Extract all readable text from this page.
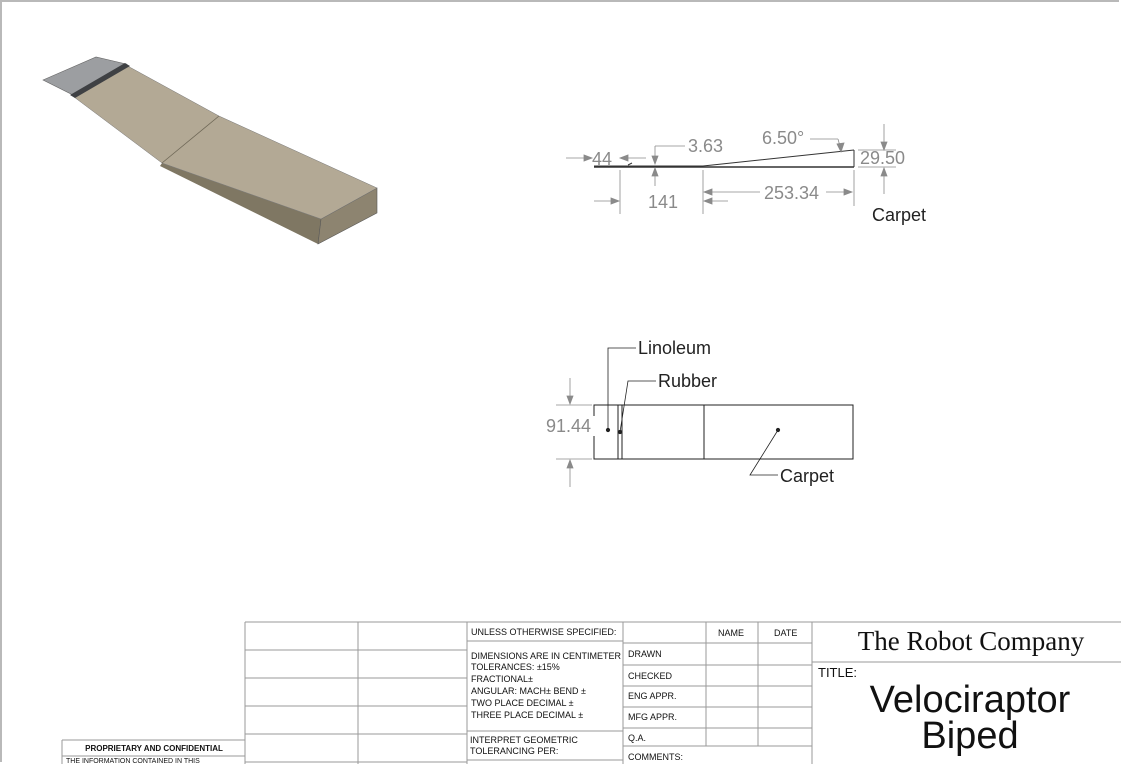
44
3.63 6.50°
29.50
141	253.34
Carpet
91.44
Linoleum
Rubber
Carpet
UNLESS OTHERWISE SPECIFIED:
DIMENSIONS ARE IN CENTIMETER
TOLERANCES: ±15%
FRACTIONAL±
ANGULAR: MACH± BEND ±
TWO PLACE DECIMAL ±
THREE PLACE DECIMAL ±
INTERPRET GEOMETRIC
TOLERANCING PER:
NAME	DATE
DRAWN
CHECKED
ENG APPR.
MFG APPR.
Q.A.
COMMENTS:
The Robot Company
TITLE:
Velociraptor
Biped
PROPRIETARY AND CONFIDENTIAL
THE INFORMATION CONTAINED IN THIS
